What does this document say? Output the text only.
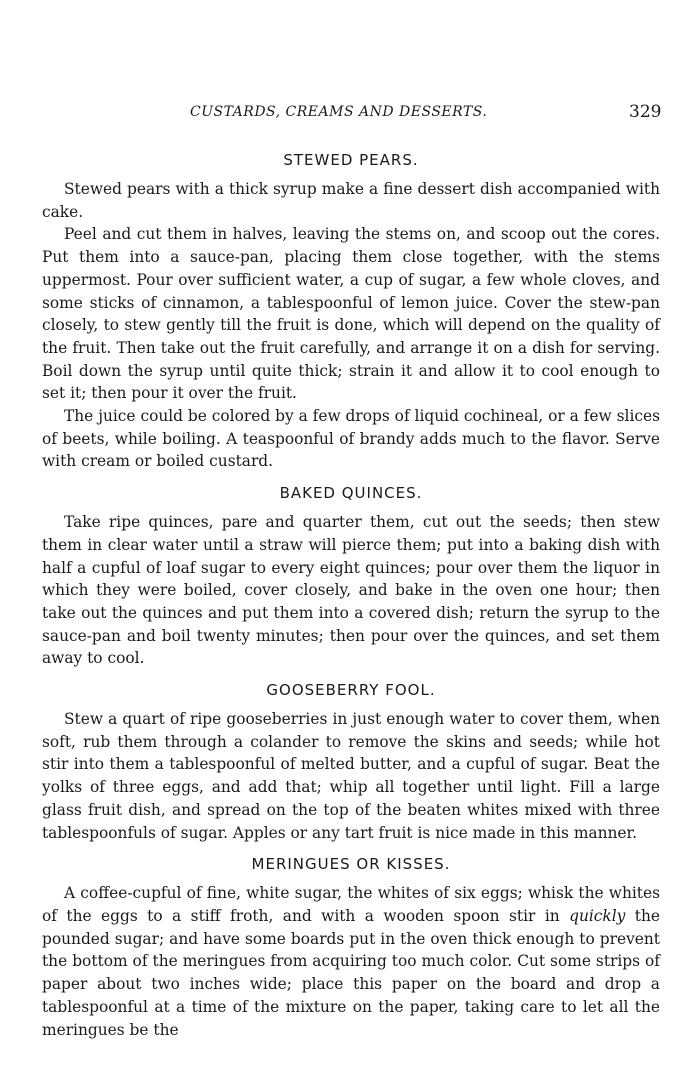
CUSTARDS, CREAMS AND DESSERTS.	329
STEWED PEARS.

Stewed pears with a thick syrup make a fine dessert dish accompanied with cake.

Peel and cut them in halves, leaving the stems on, and scoop out the cores. Put them into a sauce-pan, placing them close together, with the stems uppermost. Pour over sufficient water, a cup of sugar, a few whole cloves, and some sticks of cinnamon, a tablespoonful of lemon juice. Cover the stew-pan closely, to stew gently till the fruit is done, which will depend on the quality of the fruit. Then take out the fruit carefully, and arrange it on a dish for serving. Boil down the syrup until quite thick; strain it and allow it to cool enough to set it; then pour it over the fruit.

The juice could be colored by a few drops of liquid cochineal, or a few slices of beets, while boiling. A teaspoonful of brandy adds much to the flavor. Serve with cream or boiled custard.

BAKED QUINCES.

Take ripe quinces, pare and quarter them, cut out the seeds; then stew them in clear water until a straw will pierce them; put into a baking dish with half a cupful of loaf sugar to every eight quinces; pour over them the liquor in which they were boiled, cover closely, and bake in the oven one hour; then take out the quinces and put them into a covered dish; return the syrup to the sauce-pan and boil twenty minutes; then pour over the quinces, and set them away to cool.

GOOSEBERRY FOOL.

Stew a quart of ripe gooseberries in just enough water to cover them, when soft, rub them through a colander to remove the skins and seeds; while hot stir into them a tablespoonful of melted butter, and a cupful of sugar. Beat the yolks of three eggs, and add that; whip all together until light. Fill a large glass fruit dish, and spread on the top of the beaten whites mixed with three tablespoonfuls of sugar. Apples or any tart fruit is nice made in this manner.

MERINGUES OR KISSES.

A coffee-cupful of fine, white sugar, the whites of six eggs; whisk the whites of the eggs to a stiff froth, and with a wooden spoon stir in quickly the pounded sugar; and have some boards put in the oven thick enough to prevent the bottom of the meringues from acquiring too much color. Cut some strips of paper about two inches wide; place this paper on the board and drop a tablespoonful at a time of the mixture on the paper, taking care to let all the meringues be the
